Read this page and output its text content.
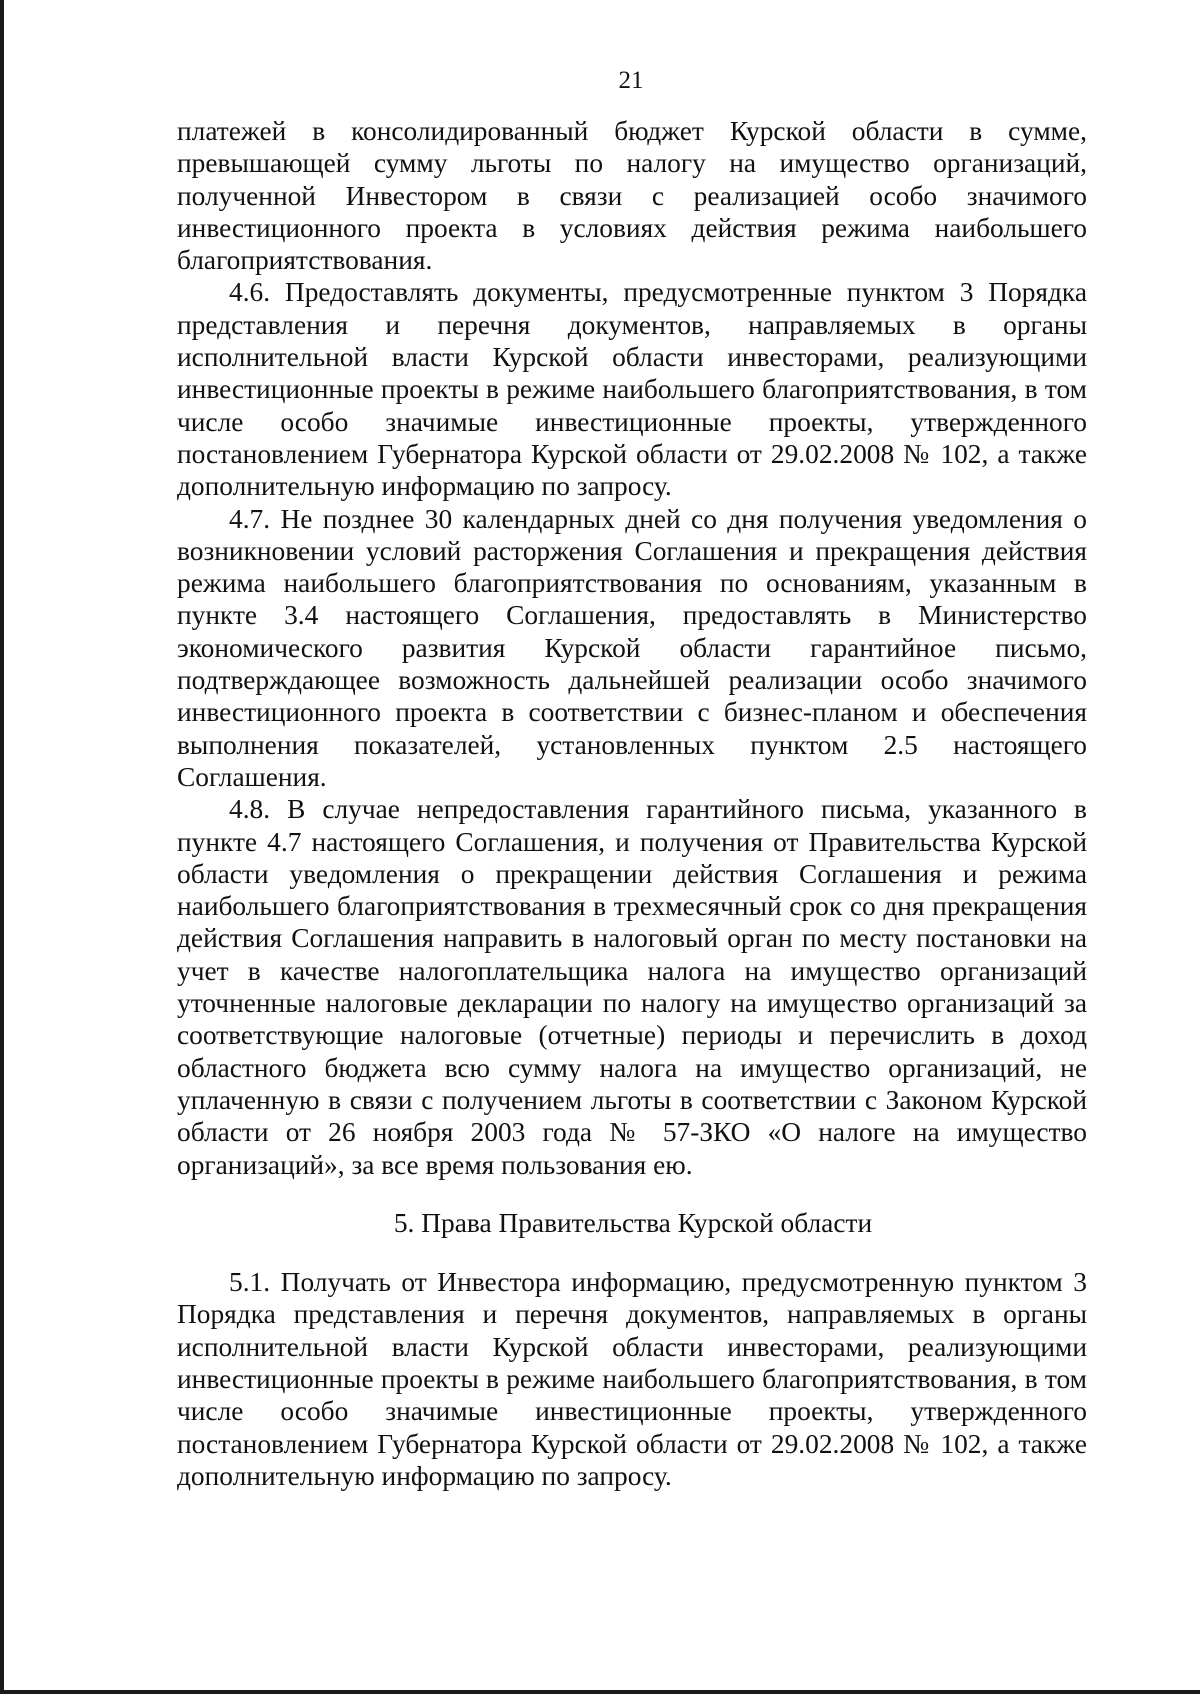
21

платежей в консолидированный бюджет Курской области в сумме, превышающей сумму льготы по налогу на имущество организаций, полученной Инвестором в связи с реализацией особо значимого инвестиционного проекта в условиях действия режима наибольшего благоприятствования.

4.6. Предоставлять документы, предусмотренные пунктом 3 Порядка представления и перечня документов, направляемых в органы исполнительной власти Курской области инвесторами, реализующими инвестиционные проекты в режиме наибольшего благоприятствования, в том числе особо значимые инвестиционные проекты, утвержденного постановлением Губернатора Курской области от 29.02.2008 № 102, а также дополнительную информацию по запросу.

4.7. Не позднее 30 календарных дней со дня получения уведомления о возникновении условий расторжения Соглашения и прекращения действия режима наибольшего благоприятствования по основаниям, указанным в пункте 3.4 настоящего Соглашения, предоставлять в Министерство экономического развития Курской области гарантийное письмо, подтверждающее возможность дальнейшей реализации особо значимого инвестиционного проекта в соответствии с бизнес-планом и обеспечения выполнения показателей, установленных пунктом 2.5 настоящего Соглашения.

4.8. В случае непредоставления гарантийного письма, указанного в пункте 4.7 настоящего Соглашения, и получения от Правительства Курской области уведомления о прекращении действия Соглашения и режима наибольшего благоприятствования в трехмесячный срок со дня прекращения действия Соглашения направить в налоговый орган по месту постановки на учет в качестве налогоплательщика налога на имущество организаций уточненные налоговые декларации по налогу на имущество организаций за соответствующие налоговые (отчетные) периоды и перечислить в доход областного бюджета всю сумму налога на имущество организаций, не уплаченную в связи с получением льготы в соответствии с Законом Курской области от 26 ноября 2003 года № 57-ЗКО «О налоге на имущество организаций», за все время пользования ею.

5. Права Правительства Курской области

5.1. Получать от Инвестора информацию, предусмотренную пунктом 3 Порядка представления и перечня документов, направляемых в органы исполнительной власти Курской области инвесторами, реализующими инвестиционные проекты в режиме наибольшего благоприятствования, в том числе особо значимые инвестиционные проекты, утвержденного постановлением Губернатора Курской области от 29.02.2008 № 102, а также дополнительную информацию по запросу.
